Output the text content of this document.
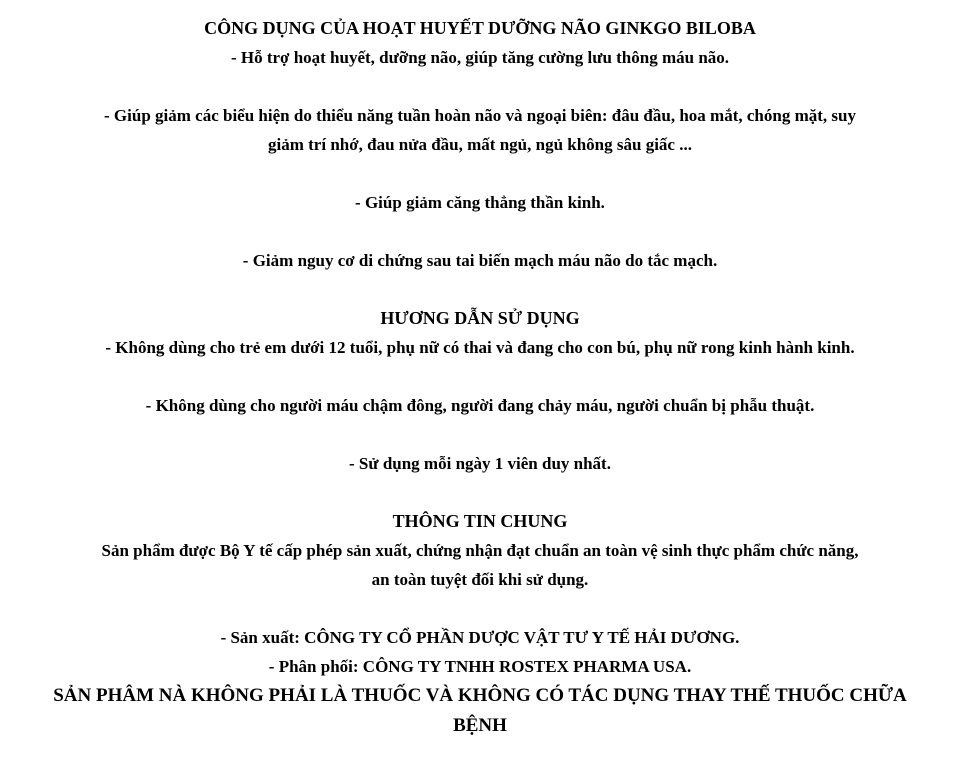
CÔNG DỤNG CỦA HOẠT HUYẾT DƯỠNG NÃO GINKGO BILOBA

- Hỗ trợ hoạt huyết, dưỡng não, giúp tăng cường lưu thông máu não.

- Giúp giảm các biểu hiện do thiểu năng tuần hoàn não và ngoại biên: đâu đầu, hoa mắt, chóng mặt, suy

giảm trí nhớ, đau nửa đầu, mất ngủ, ngủ không sâu giấc ...

- Giúp giảm căng thẳng thần kinh.

- Giảm nguy cơ di chứng sau tai biến mạch máu não do tắc mạch.

HƯƠNG DẪN SỬ DỤNG

- Không dùng cho trẻ em dưới 12 tuổi, phụ nữ có thai và đang cho con bú, phụ nữ rong kinh hành kinh.

- Không dùng cho người máu chậm đông, người đang chảy máu, người chuẩn bị phẫu thuật.

- Sử dụng mỗi ngày 1 viên duy nhất.

THÔNG TIN CHUNG

Sản phẩm được Bộ Y tế cấp phép sản xuất, chứng nhận đạt chuẩn an toàn vệ sinh thực phẩm chức năng,

an toàn tuyệt đối khi sử dụng.

- Sản xuất: CÔNG TY CỔ PHẦN DƯỢC VẬT TƯ Y TẾ HẢI DƯƠNG.

- Phân phối: CÔNG TY TNHH ROSTEX PHARMA USA.

SẢN PHÂM NÀ KHÔNG PHẢI LÀ THUỐC VÀ KHÔNG CÓ TÁC DỤNG THAY THẾ THUỐC CHỮA

BỆNH
